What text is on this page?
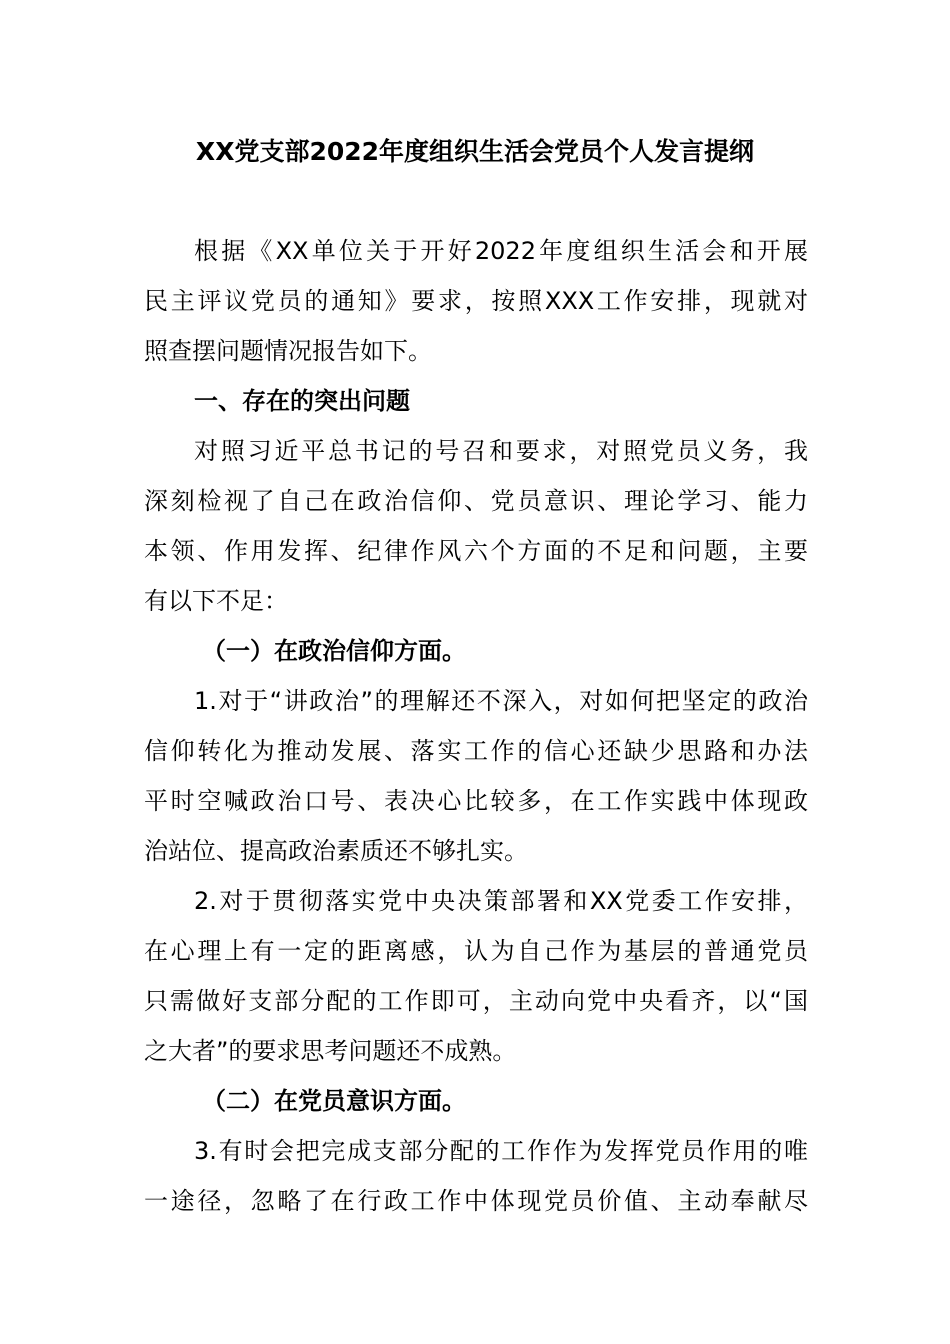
XX党支部2022年度组织生活会党员个人发言提纲
根据《XX单位关于开好2022年度组织生活会和开展
民主评议党员的通知》要求，按照XXX工作安排，现就对
照查摆问题情况报告如下。
一、存在的突出问题
对照习近平总书记的号召和要求，对照党员义务，我
深刻检视了自己在政治信仰、党员意识、理论学习、能力
本领、作用发挥、纪律作风六个方面的不足和问题，主要
有以下不足：
（一）在政治信仰方面。
1.对于“讲政治”的理解还不深入，对如何把坚定的政治
信仰转化为推动发展、落实工作的信心还缺少思路和办法
平时空喊政治口号、表决心比较多，在工作实践中体现政
治站位、提高政治素质还不够扎实。
2.对于贯彻落实党中央决策部署和XX党委工作安排，
在心理上有一定的距离感，认为自己作为基层的普通党员
只需做好支部分配的工作即可，主动向党中央看齐，以“国
之大者”的要求思考问题还不成熟。
（二）在党员意识方面。
3.有时会把完成支部分配的工作作为发挥党员作用的唯
一途径，忽略了在行政工作中体现党员价值、主动奉献尽
